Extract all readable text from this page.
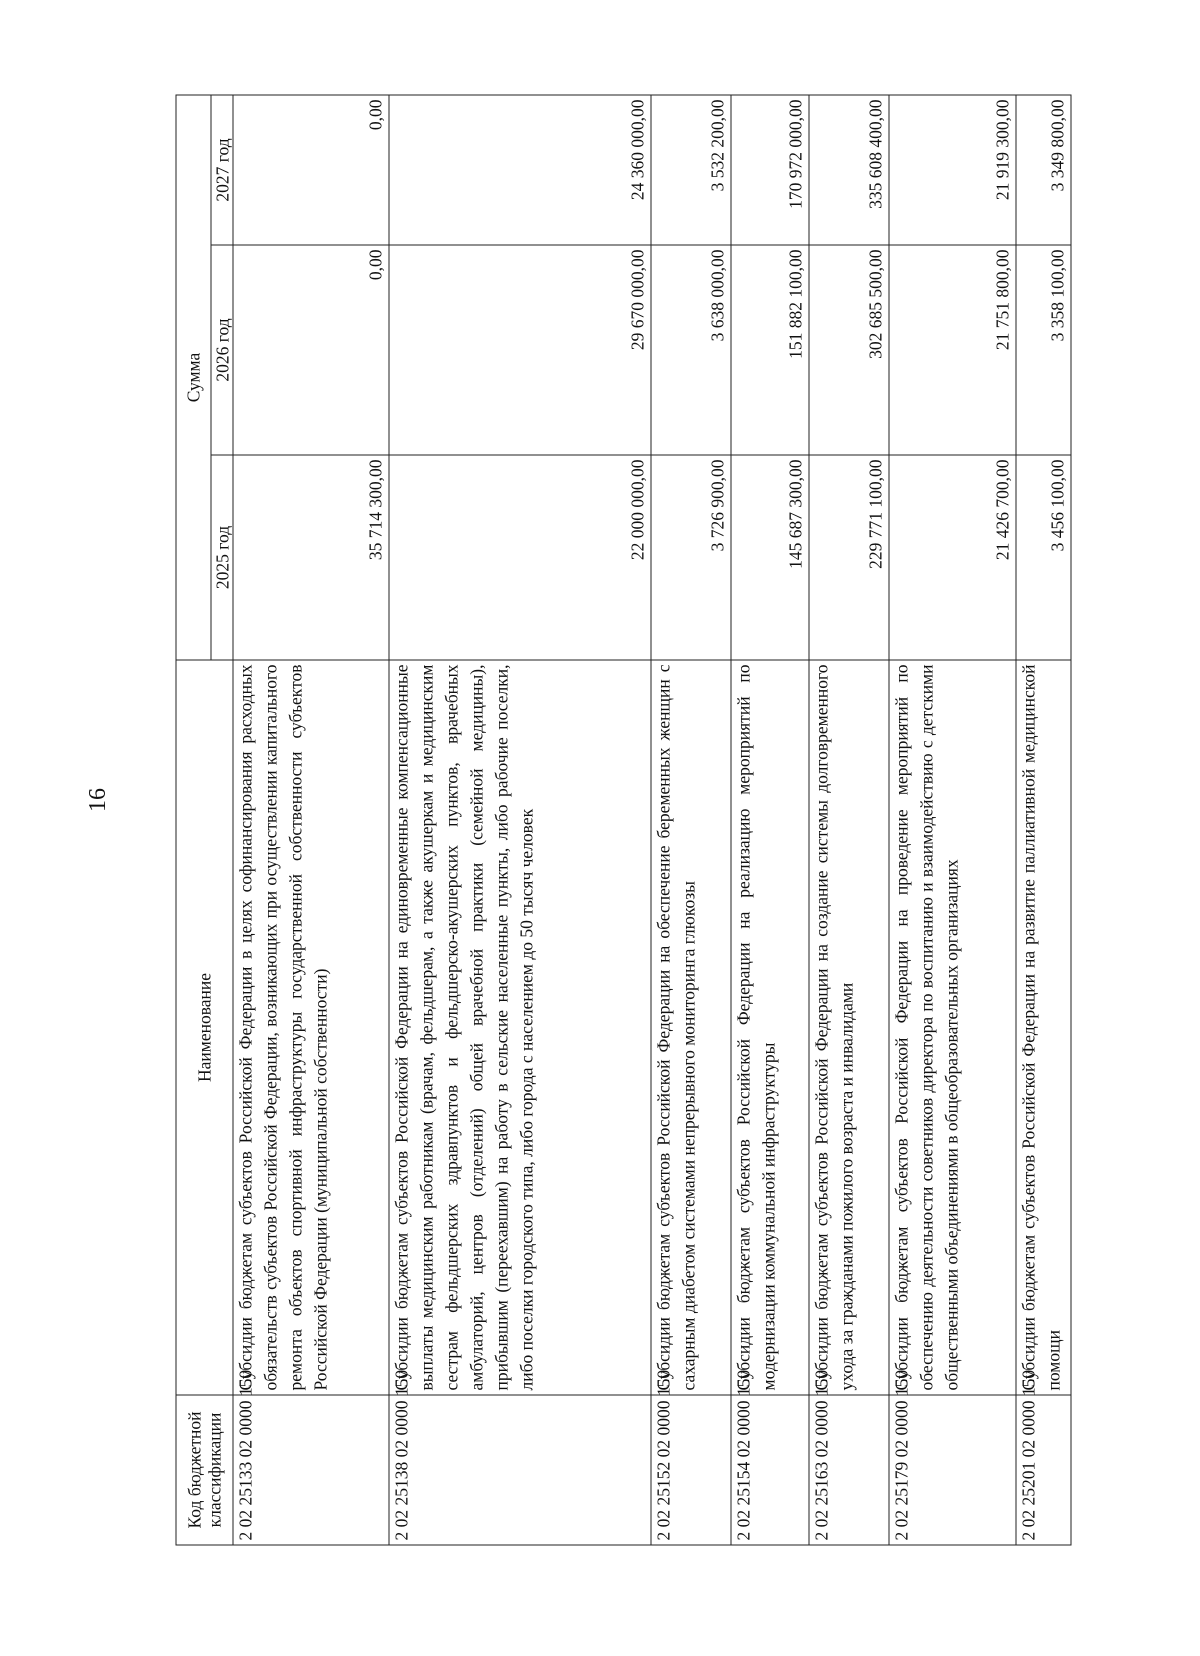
16
Код бюджетной классификации	Наименование	Сумма		
		2025 год	2026 год	2027 год
2 02 25133 02 0000 150	Субсидии бюджетам субъектов Российской Федерации в целях софинансирования расходных обязательств субъектов Российской Федерации, возникающих при осуществлении капитального ремонта объектов спортивной инфраструктуры государственной собственности субъектов Российской Федерации (муниципальной собственности)	35 714 300,00	0,00	0,00
2 02 25138 02 0000 150	Субсидии бюджетам субъектов Российской Федерации на единовременные компенсационные выплаты медицинским работникам (врачам, фельдшерам, а также акушеркам и медицинским сестрам фельдшерских здравпунктов и фельдшерско-акушерских пунктов, врачебных амбулаторий, центров (отделений) общей врачебной практики (семейной медицины), прибывшим (переехавшим) на работу в сельские населенные пункты, либо рабочие поселки, либо поселки городского типа, либо города с населением до 50 тысяч человек	22 000 000,00	29 670 000,00	24 360 000,00
2 02 25152 02 0000 150	Субсидии бюджетам субъектов Российской Федерации на обеспечение беременных женщин с сахарным диабетом системами непрерывного мониторинга глюкозы	3 726 900,00	3 638 000,00	3 532 200,00
2 02 25154 02 0000 150	Субсидии бюджетам субъектов Российской Федерации на реализацию мероприятий по модернизации коммунальной инфраструктуры	145 687 300,00	151 882 100,00	170 972 000,00
2 02 25163 02 0000 150	Субсидии бюджетам субъектов Российской Федерации на создание системы долговременного ухода за гражданами пожилого возраста и инвалидами	229 771 100,00	302 685 500,00	335 608 400,00
2 02 25179 02 0000 150	Субсидии бюджетам субъектов Российской Федерации на проведение мероприятий по обеспечению деятельности советников директора по воспитанию и взаимодействию с детскими общественными объединениями в общеобразовательных организациях	21 426 700,00	21 751 800,00	21 919 300,00
2 02 25201 02 0000 150	Субсидии бюджетам субъектов Российской Федерации на развитие паллиативной медицинской помощи	3 456 100,00	3 358 100,00	3 349 800,00
